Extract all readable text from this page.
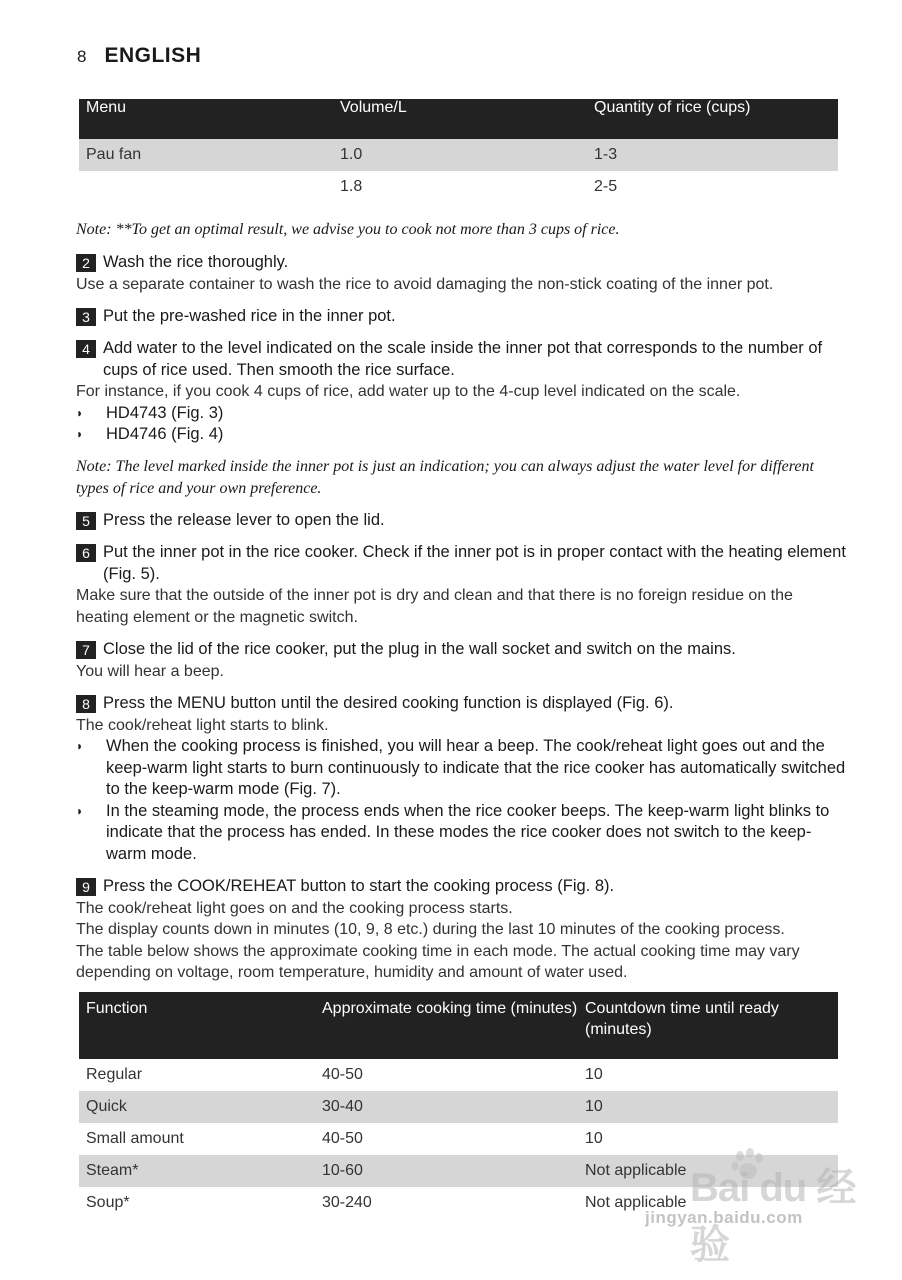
8 ENGLISH
Menu	Volume/L	Quantity of rice (cups)
Pau fan	1.0	1-3
	1.8	2-5
Note: **To get an optimal result, we advise you to cook not more than 3 cups of rice.
2 Wash the rice thoroughly.
Use a separate container to wash the rice to avoid damaging the non-stick coating of the inner pot.
3 Put the pre-washed rice in the inner pot.
4 Add water to the level indicated on the scale inside the inner pot that corresponds to the number of cups of rice used. Then smooth the rice surface.
For instance, if you cook 4 cups of rice, add water up to the 4-cup level indicated on the scale.
◗	HD4743 (Fig. 3)
◗	HD4746 (Fig. 4)
Note: The level marked inside the inner pot is just an indication; you can always adjust the water level for different types of rice and your own preference.
5 Press the release lever to open the lid.
6 Put the inner pot in the rice cooker. Check if the inner pot is in proper contact with the heating element (Fig. 5).
Make sure that the outside of the inner pot is dry and clean and that there is no foreign residue on the heating element or the magnetic switch.
7 Close the lid of the rice cooker, put the plug in the wall socket and switch on the mains.
You will hear a beep.
8 Press the MENU button until the desired cooking function is displayed (Fig. 6).
The cook/reheat light starts to blink.
◗	When the cooking process is finished, you will hear a beep. The cook/reheat light goes out and the keep-warm light starts to burn continuously to indicate that the rice cooker has automatically switched to the keep-warm mode (Fig. 7).
◗	In the steaming mode, the process ends when the rice cooker beeps. The keep-warm light blinks to indicate that the process has ended. In these modes the rice cooker does not switch to the keep-warm mode.
9 Press the COOK/REHEAT button to start the cooking process (Fig. 8).
The cook/reheat light goes on and the cooking process starts.
The display counts down in minutes (10, 9, 8 etc.) during the last 10 minutes of the cooking process.
The table below shows the approximate cooking time in each mode. The actual cooking time may vary depending on voltage, room temperature, humidity and amount of water used.
Function	Approximate cooking time (minutes)	Countdown time until ready (minutes)
Regular	40-50	10
Quick	30-40	10
Small amount	40-50	10
Steam*	10-60	Not applicable
Soup*	30-240	Not applicable Bai du 经验
jingyan.baidu.com
